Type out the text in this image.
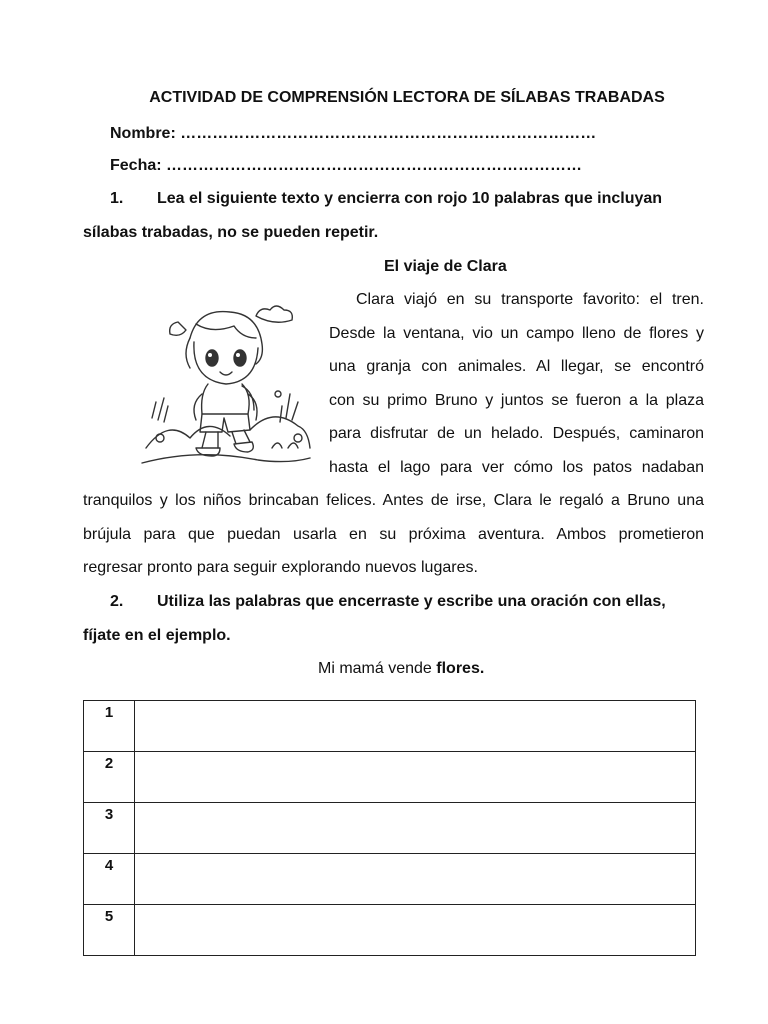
ACTIVIDAD DE COMPRENSIÓN LECTORA DE SÍLABAS TRABADAS
Nombre: ……………………………………………………………………
Fecha: ……………………………………………………………………
1. Lea el siguiente texto y encierra con rojo 10 palabras que incluyan
sílabas trabadas, no se pueden repetir.
El viaje de Clara
Clara viajó en su transporte favorito: el tren.
Desde la ventana, vio un campo lleno de flores y
una granja con animales. Al llegar, se encontró
con su primo Bruno y juntos se fueron a la plaza
para disfrutar de un helado. Después, caminaron
hasta el lago para ver cómo los patos nadaban
tranquilos y los niños brincaban felices. Antes de irse, Clara le regaló a Bruno una
brújula para que puedan usarla en su próxima aventura. Ambos prometieron
regresar pronto para seguir explorando nuevos lugares.
2. Utiliza las palabras que encerraste y escribe una oración con ellas,
fíjate en el ejemplo.
Mi mamá vende flores.
1	
2	
3	
4	
5	
